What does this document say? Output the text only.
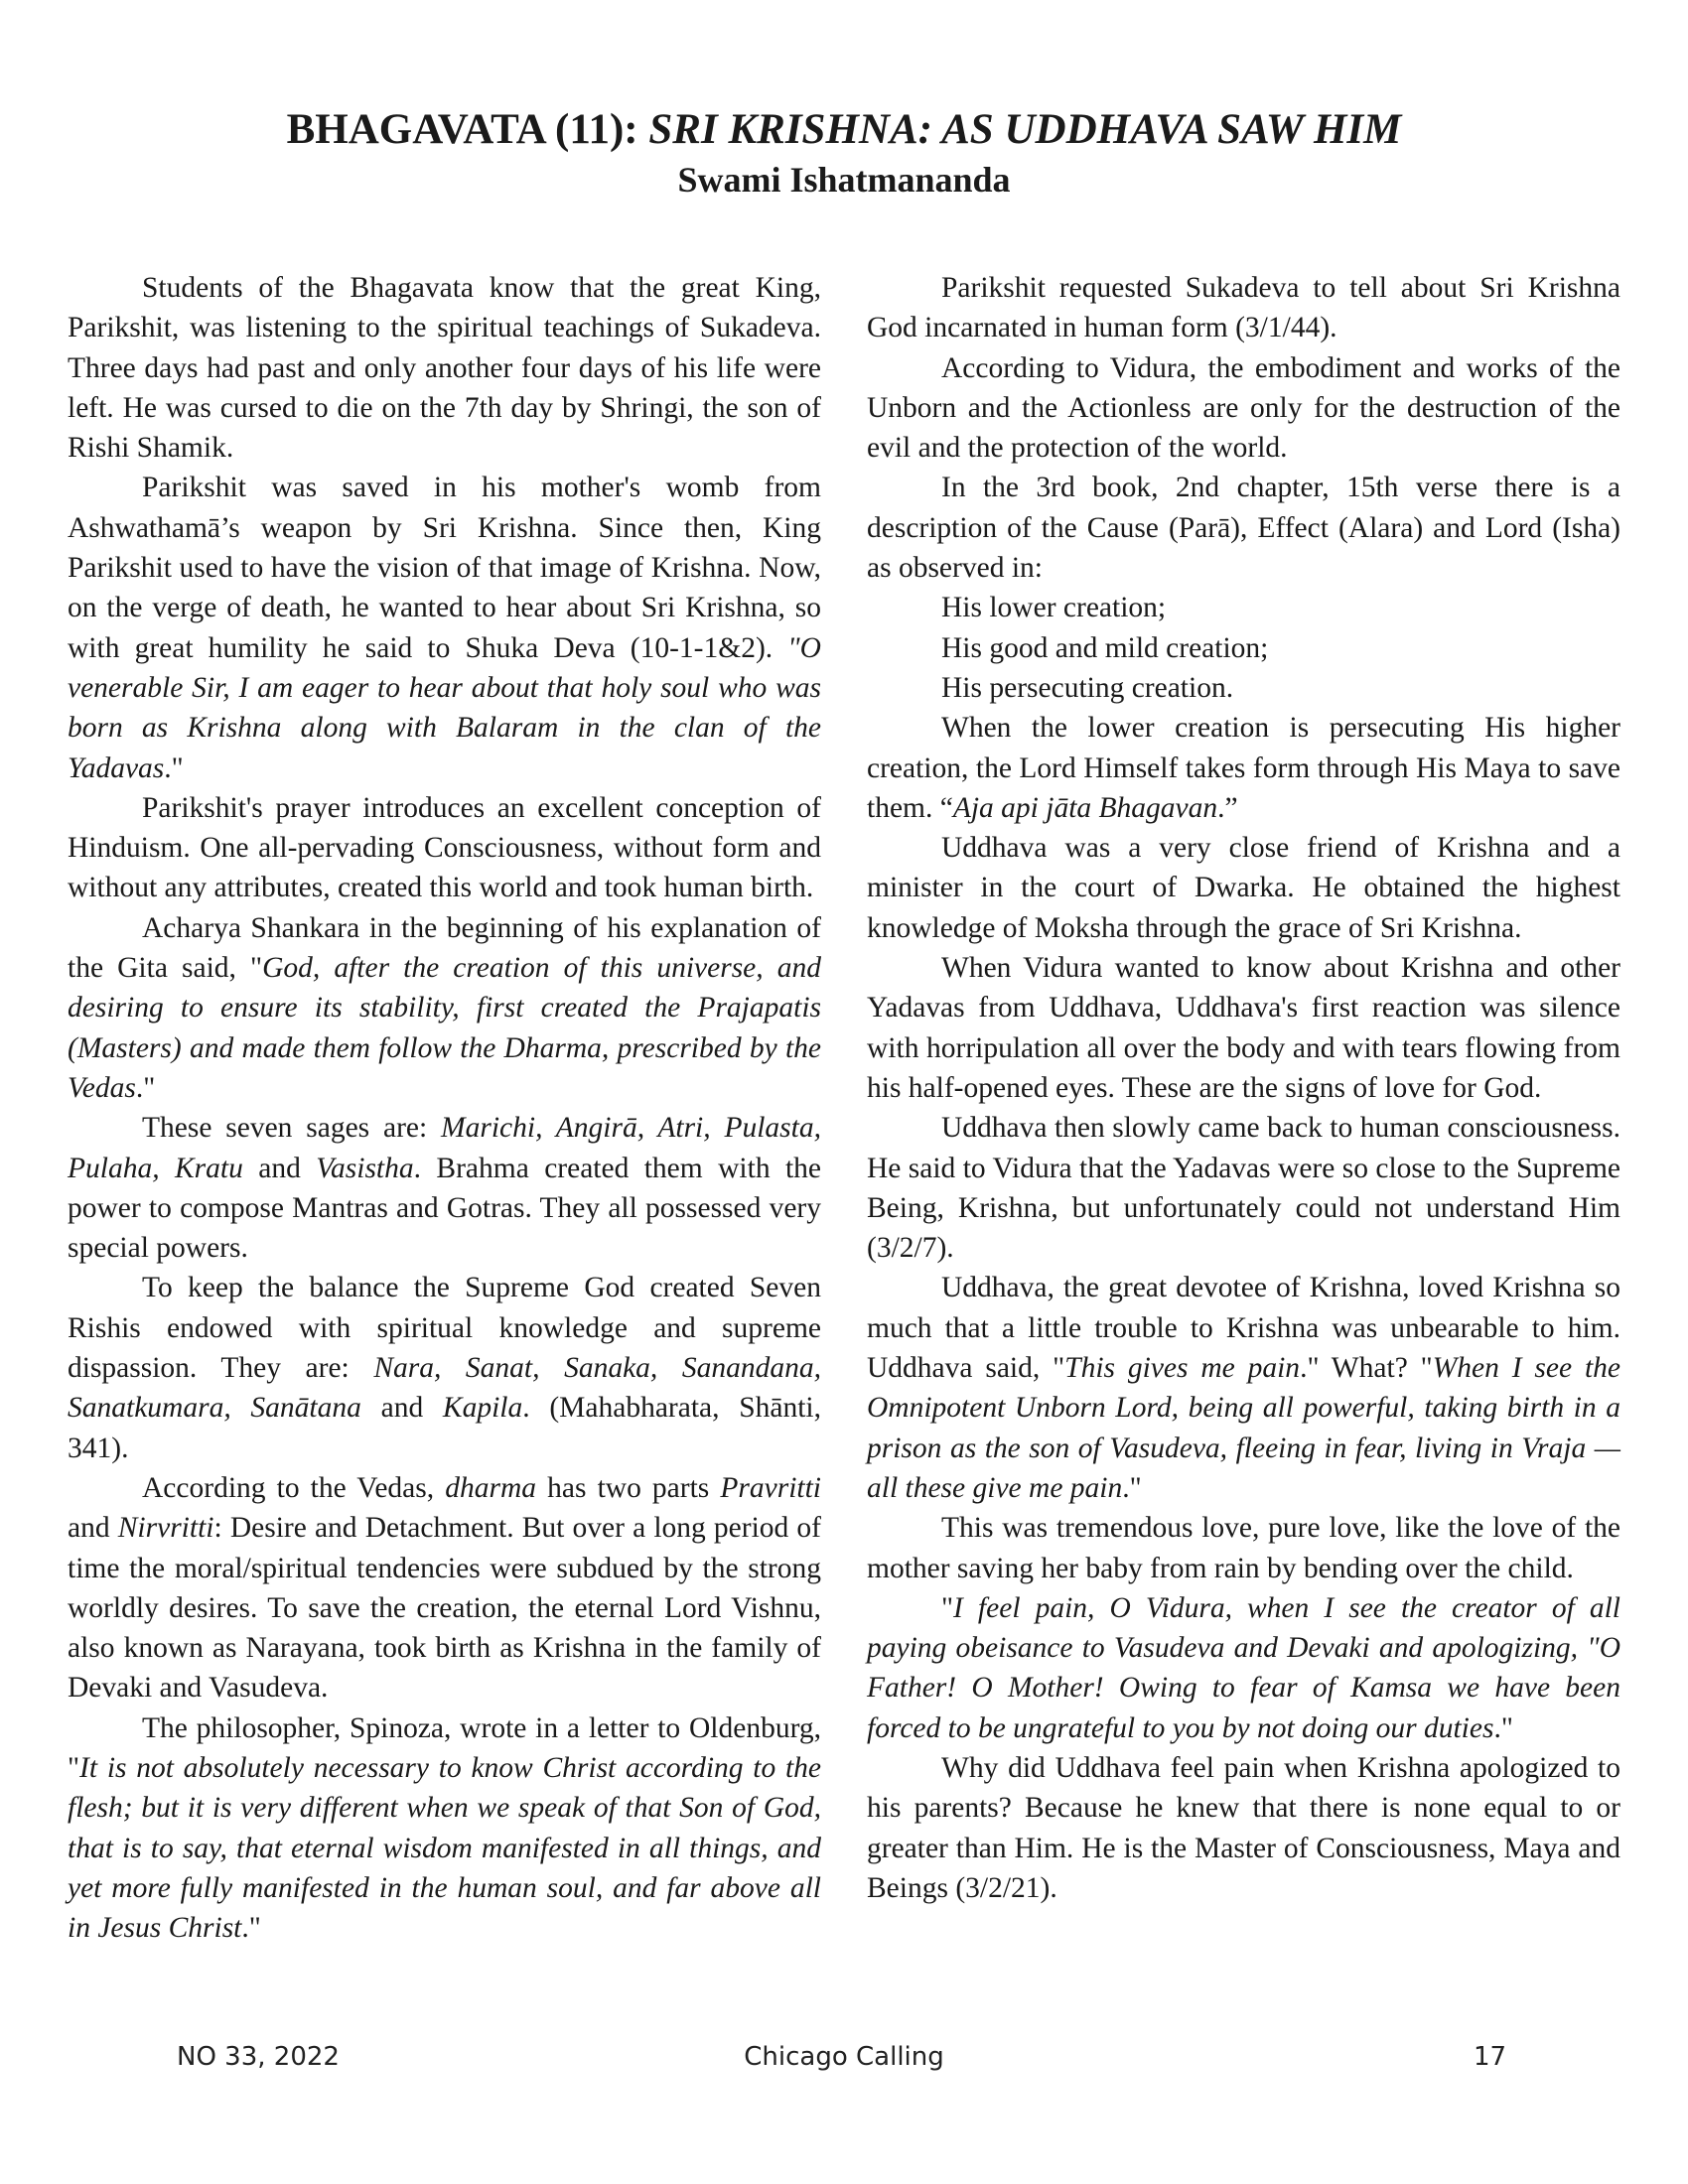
BHAGAVATA (11): SRI KRISHNA: AS UDDHAVA SAW HIM
Swami Ishatmananda

Students of the Bhagavata know that the great King, Parikshit, was listening to the spiritual teachings of Sukadeva. Three days had past and only another four days of his life were left. He was cursed to die on the 7th day by Shringi, the son of Rishi Shamik.

Parikshit was saved in his mother's womb from Ashwathamā’s weapon by Sri Krishna. Since then, King Parikshit used to have the vision of that image of Krishna. Now, on the verge of death, he wanted to hear about Sri Krishna, so with great humility he said to Shuka Deva (10-1-1&2). "O venerable Sir, I am eager to hear about that holy soul who was born as Krishna along with Balaram in the clan of the Yadavas."

Parikshit's prayer introduces an excellent conception of Hinduism. One all-pervading Consciousness, without form and without any attributes, created this world and took human birth.

Acharya Shankara in the beginning of his explanation of the Gita said, "God, after the creation of this universe, and desiring to ensure its stability, first created the Prajapatis (Masters) and made them follow the Dharma, prescribed by the Vedas."

These seven sages are: Marichi, Angirā, Atri, Pulasta, Pulaha, Kratu and Vasistha. Brahma created them with the power to compose Mantras and Gotras. They all possessed very special powers.

To keep the balance the Supreme God created Seven Rishis endowed with spiritual knowledge and supreme dispassion. They are: Nara, Sanat, Sanaka, Sanandana, Sanatkumara, Sanātana and Kapila. (Mahabharata, Shānti, 341).

According to the Vedas, dharma has two parts Pravritti and Nirvritti: Desire and Detachment. But over a long period of time the moral/spiritual tendencies were subdued by the strong worldly desires. To save the creation, the eternal Lord Vishnu, also known as Narayana, took birth as Krishna in the family of Devaki and Vasudeva.

The philosopher, Spinoza, wrote in a letter to Oldenburg, "It is not absolutely necessary to know Christ according to the flesh; but it is very different when we speak of that Son of God, that is to say, that eternal wisdom manifested in all things, and yet more fully manifested in the human soul, and far above all in Jesus Christ."

Parikshit requested Sukadeva to tell about Sri Krishna God incarnated in human form (3/1/44).

According to Vidura, the embodiment and works of the Unborn and the Actionless are only for the destruction of the evil and the protection of the world.

In the 3rd book, 2nd chapter, 15th verse there is a description of the Cause (Parā), Effect (Alara) and Lord (Isha) as observed in:

His lower creation;

His good and mild creation;

His persecuting creation.

When the lower creation is persecuting His higher creation, the Lord Himself takes form through His Maya to save them. “Aja api jāta Bhagavan.”

Uddhava was a very close friend of Krishna and a minister in the court of Dwarka. He obtained the highest knowledge of Moksha through the grace of Sri Krishna.

When Vidura wanted to know about Krishna and other Yadavas from Uddhava, Uddhava's first reaction was silence with horripulation all over the body and with tears flowing from his half-opened eyes. These are the signs of love for God.

Uddhava then slowly came back to human consciousness. He said to Vidura that the Yadavas were so close to the Supreme Being, Krishna, but unfortunately could not understand Him (3/2/7).

Uddhava, the great devotee of Krishna, loved Krishna so much that a little trouble to Krishna was unbearable to him. Uddhava said, "This gives me pain." What? "When I see the Omnipotent Unborn Lord, being all powerful, taking birth in a prison as the son of Vasudeva, fleeing in fear, living in Vraja — all these give me pain."

This was tremendous love, pure love, like the love of the mother saving her baby from rain by bending over the child.

"I feel pain, O Vidura, when I see the creator of all paying obeisance to Vasudeva and Devaki and apologizing, "O Father! O Mother! Owing to fear of Kamsa we have been forced to be ungrateful to you by not doing our duties."

Why did Uddhava feel pain when Krishna apologized to his parents? Because he knew that there is none equal to or greater than Him. He is the Master of Consciousness, Maya and Beings (3/2/21).

NO 33, 2022	Chicago Calling	17
